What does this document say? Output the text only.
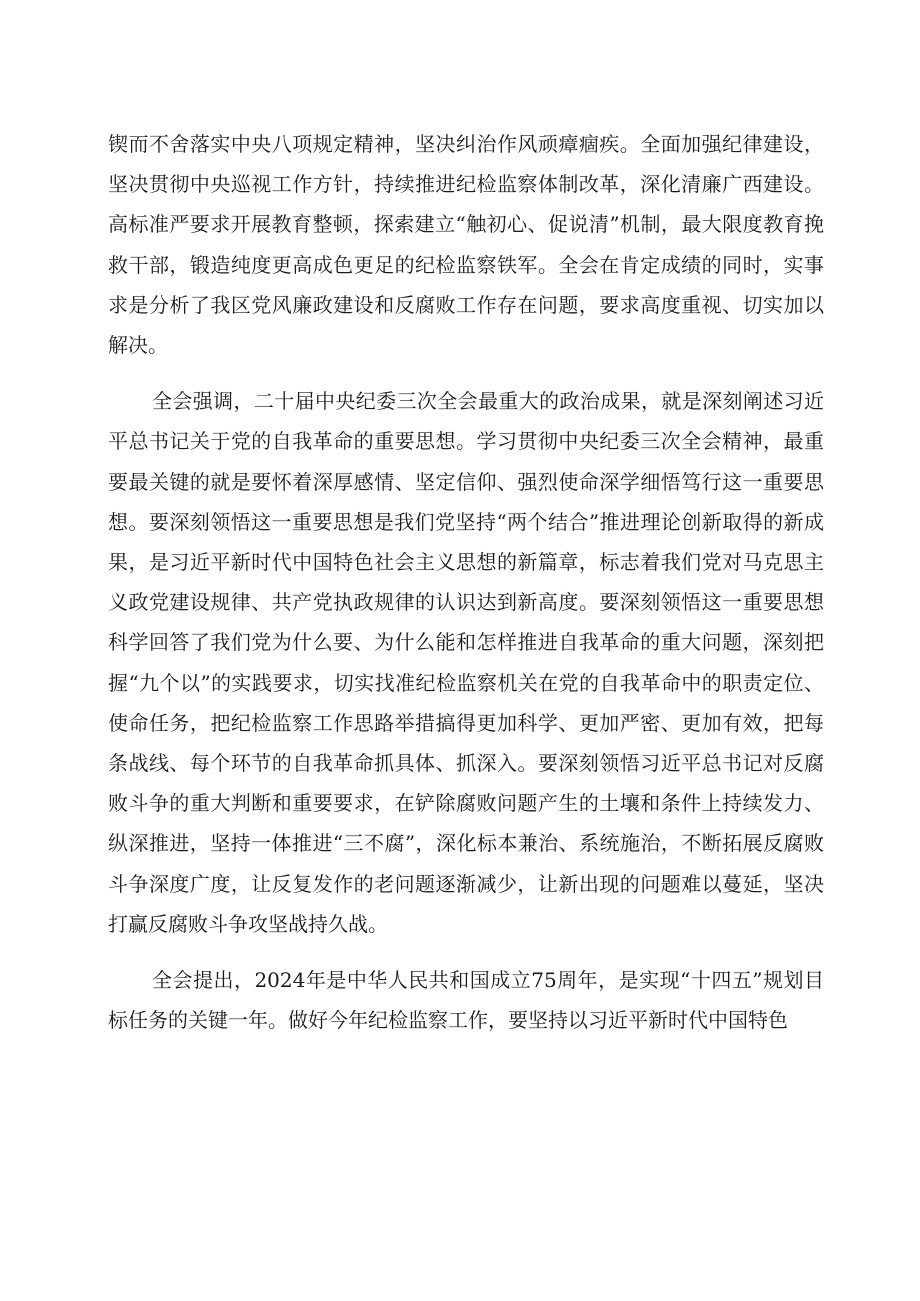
锲而不舍落实中央八项规定精神，坚决纠治作风顽瘴痼疾。全面加强纪律建设，坚决贯彻中央巡视工作方针，持续推进纪检监察体制改革，深化清廉广西建设。高标准严要求开展教育整顿，探索建立“触初心、促说清”机制，最大限度教育挽救干部，锻造纯度更高成色更足的纪检监察铁军。全会在肯定成绩的同时，实事求是分析了我区党风廉政建设和反腐败工作存在问题，要求高度重视、切实加以解决。

全会强调，二十届中央纪委三次全会最重大的政治成果，就是深刻阐述习近平总书记关于党的自我革命的重要思想。学习贯彻中央纪委三次全会精神，最重要最关键的就是要怀着深厚感情、坚定信仰、强烈使命深学细悟笃行这一重要思想。要深刻领悟这一重要思想是我们党坚持“两个结合”推进理论创新取得的新成果，是习近平新时代中国特色社会主义思想的新篇章，标志着我们党对马克思主义政党建设规律、共产党执政规律的认识达到新高度。要深刻领悟这一重要思想科学回答了我们党为什么要、为什么能和怎样推进自我革命的重大问题，深刻把握“九个以”的实践要求，切实找准纪检监察机关在党的自我革命中的职责定位、使命任务，把纪检监察工作思路举措搞得更加科学、更加严密、更加有效，把每条战线、每个环节的自我革命抓具体、抓深入。要深刻领悟习近平总书记对反腐败斗争的重大判断和重要要求，在铲除腐败问题产生的土壤和条件上持续发力、纵深推进，坚持一体推进“三不腐”，深化标本兼治、系统施治，不断拓展反腐败斗争深度广度，让反复发作的老问题逐渐减少，让新出现的问题难以蔓延，坚决打赢反腐败斗争攻坚战持久战。

全会提出，2024年是中华人民共和国成立75周年，是实现“十四五”规划目标任务的关键一年。做好今年纪检监察工作，要坚持以习近平新时代中国特色
